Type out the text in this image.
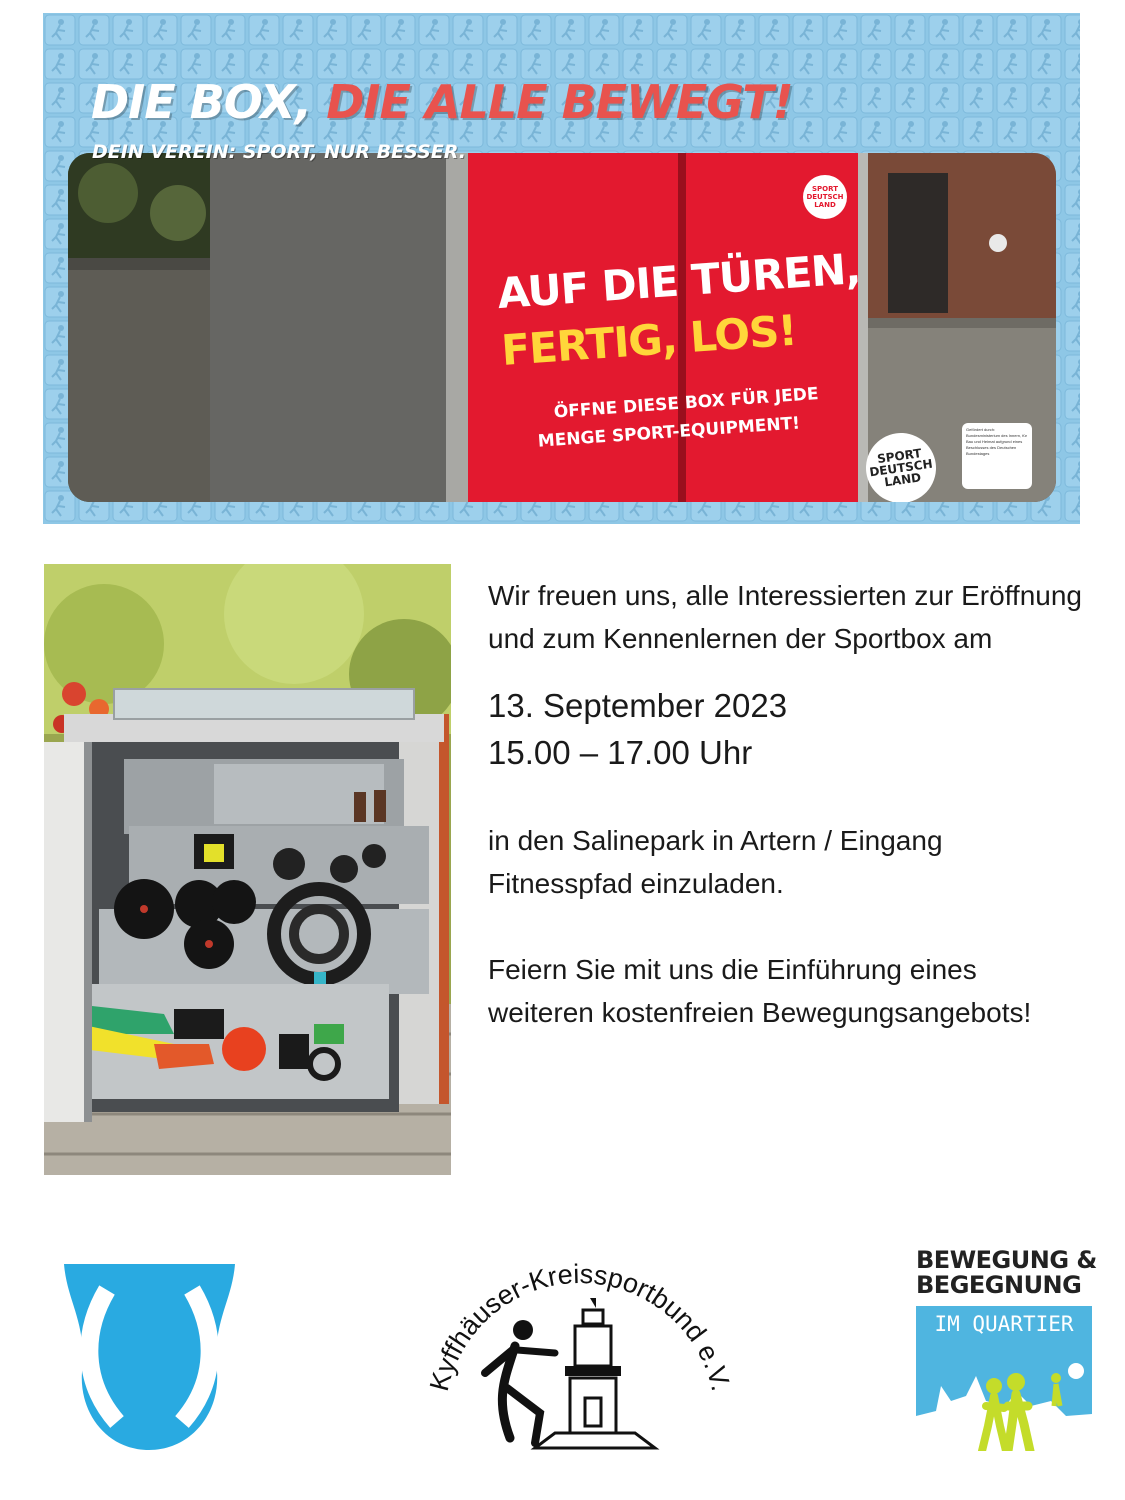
AUF DIE TÜREN,
FERTIG, LOS!
ÖFFNE DIESE BOX FÜR JEDE
MENGE SPORT-EQUIPMENT!
SPORT DEUTSCH LAND
SPORT DEUTSCH LAND
Gefördert durch: Bundesministerium des Innern, für Bau und Heimat aufgrund eines Beschlusses des Deutschen Bundestages
DIE BOX, DIE ALLE BEWEGT!
DEIN VEREIN: SPORT, NUR BESSER.

Wir freuen uns, alle Interessierten zur Eröffnung und zum Kennenlernen der Sportbox am

13. September 2023

15.00 – 17.00 Uhr

in den Salinepark in Artern / Eingang Fitnesspfad einzuladen.

Feiern Sie mit uns die Einführung eines weiteren kostenfreien Bewegungsangebots!

Kyffhäuser-Kreissportbund e.V.
BEWEGUNG &
BEGEGNUNG
IM QUARTIER
